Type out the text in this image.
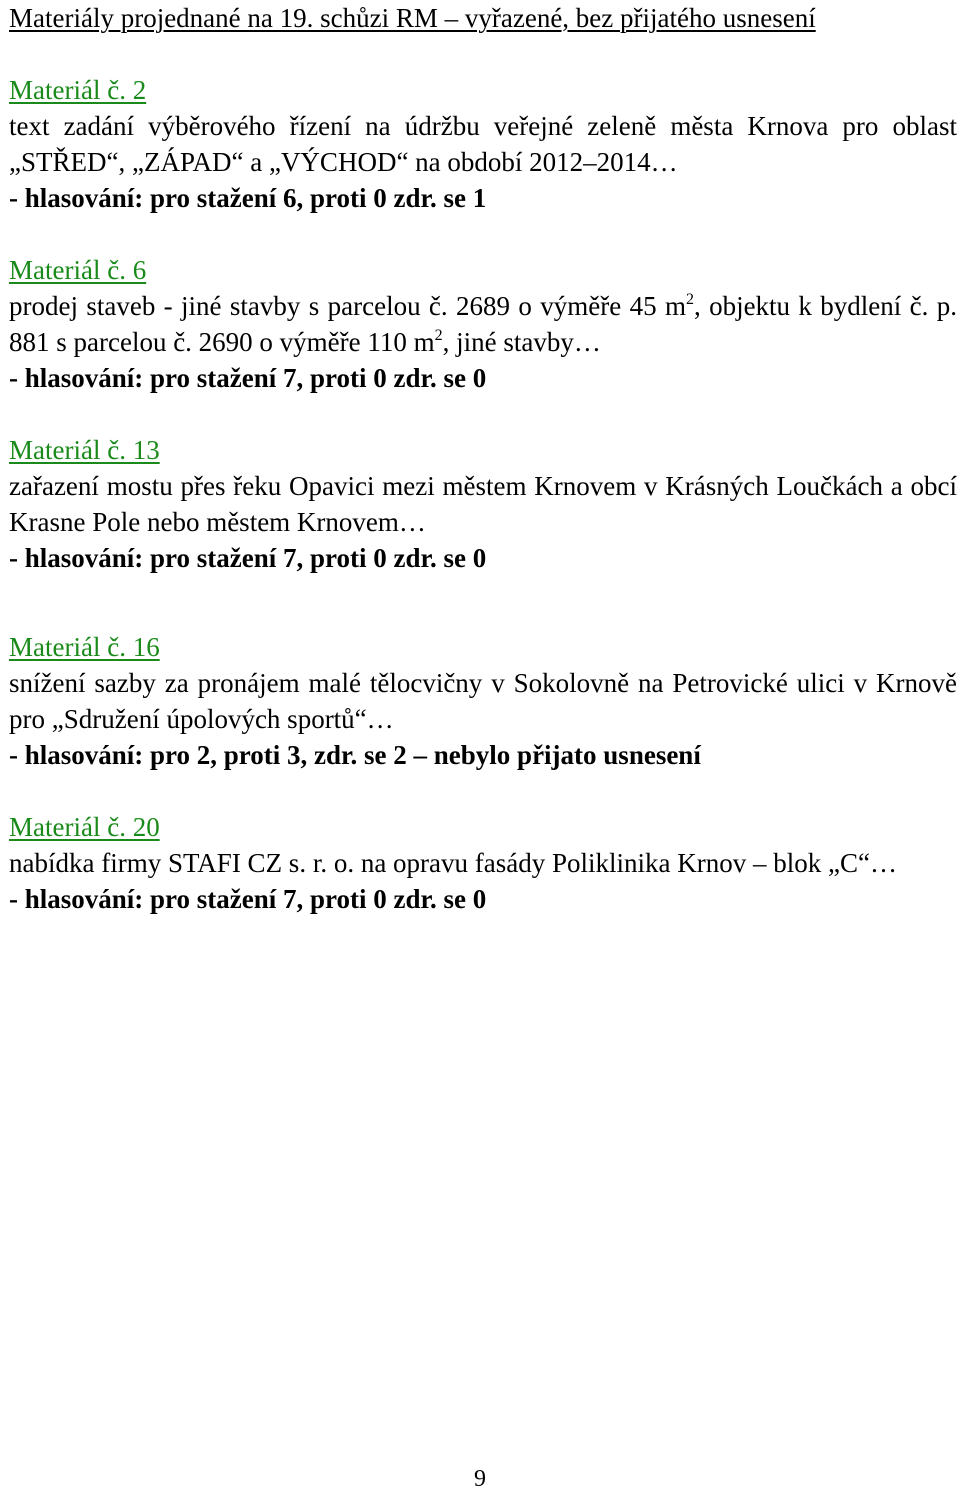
Materiály projednané na 19. schůzi RM – vyřazené, bez přijatého usnesení
Materiál č. 2
text zadání výběrového řízení na údržbu veřejné zeleně města Krnova pro oblast „STŘED“, „ZÁPAD“ a „VÝCHOD“ na období 2012–2014…
- hlasování: pro stažení 6, proti 0 zdr. se 1
Materiál č. 6
prodej staveb - jiné stavby s parcelou č. 2689 o výměře 45 $m^2$, objektu k bydlení č. p. 881 s parcelou č. 2690 o výměře 110 $m^2$, jiné stavby…
- hlasování: pro stažení 7, proti 0 zdr. se 0
Materiál č. 13
zařazení mostu přes řeku Opavici mezi městem Krnovem v Krásných Loučkách a obcí Krasne Pole nebo městem Krnovem…
- hlasování: pro stažení 7, proti 0 zdr. se 0
Materiál č. 16
snížení sazby za pronájem malé tělocvičny v Sokolovně na Petrovické ulici v Krnově pro „Sdružení úpolových sportů“…
- hlasování: pro 2, proti 3, zdr. se 2 – nebylo přijato usnesení
Materiál č. 20
nabídka firmy STAFI CZ s. r. o. na opravu fasády Poliklinika Krnov – blok „C“…
- hlasování: pro stažení 7, proti 0 zdr. se 0
9
